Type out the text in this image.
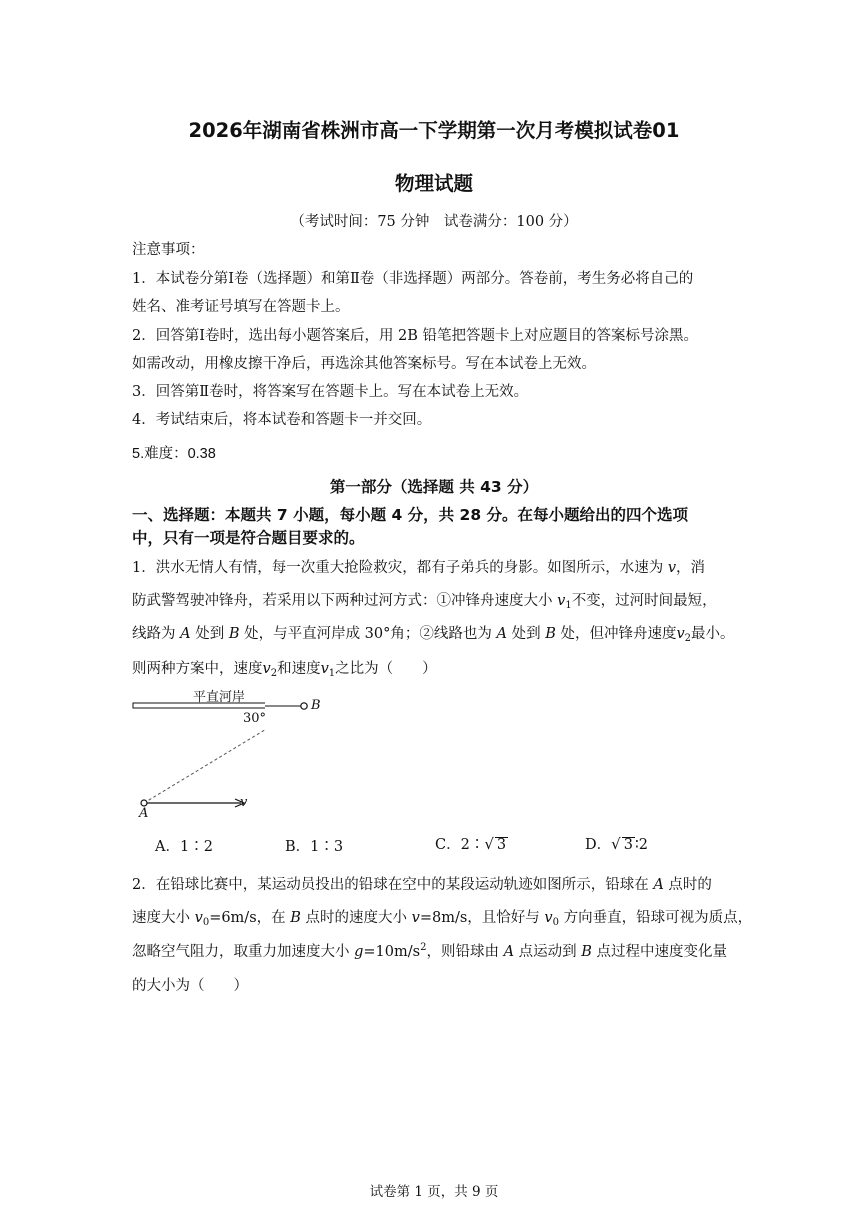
2026年湖南省株洲市高一下学期第一次月考模拟试卷01
物理试题
（考试时间：75 分钟　试卷满分：100 分）
注意事项：
1．本试卷分第Ⅰ卷（选择题）和第Ⅱ卷（非选择题）两部分。答卷前，考生务必将自己的
姓名、准考证号填写在答题卡上。
2．回答第Ⅰ卷时，选出每小题答案后，用 2B 铅笔把答题卡上对应题目的答案标号涂黑。
如需改动，用橡皮擦干净后，再选涂其他答案标号。写在本试卷上无效。
3．回答第Ⅱ卷时，将答案写在答题卡上。写在本试卷上无效。
4．考试结束后，将本试卷和答题卡一并交回。
5.难度：0.38
第一部分（选择题 共 43 分）
一、选择题：本题共 7 小题，每小题 4 分，共 28 分。在每小题给出的四个选项
中，只有一项是符合题目要求的。
1．洪水无情人有情，每一次重大抢险救灾，都有子弟兵的身影。如图所示，水速为 v，消
防武警驾驶冲锋舟，若采用以下两种过河方式：①冲锋舟速度大小 $v_1$不变，过河时间最短，
线路为 A 处到 B 处，与平直河岸成 30°角；②线路也为 A 处到 B 处，但冲锋舟速度$v_2$最小。
则两种方案中，速度$v_2$和速度$v_1$之比为（　　）
平直河岸
30°
B
A
v
A．1∶2	B．1∶3	C．2∶√ 3	D．√ 3 ∶2
2．在铅球比赛中，某运动员投出的铅球在空中的某段运动轨迹如图所示，铅球在 A 点时的
速度大小 $v_0=6m/s$，在 B 点时的速度大小 v=8m/s，且恰好与 $v_0$ 方向垂直，铅球可视为质点，
忽略空气阻力，取重力加速度大小 $g=10m/s^2$，则铅球由 A 点运动到 B 点过程中速度变化量
的大小为（　　）
试卷第 1 页，共 9 页
